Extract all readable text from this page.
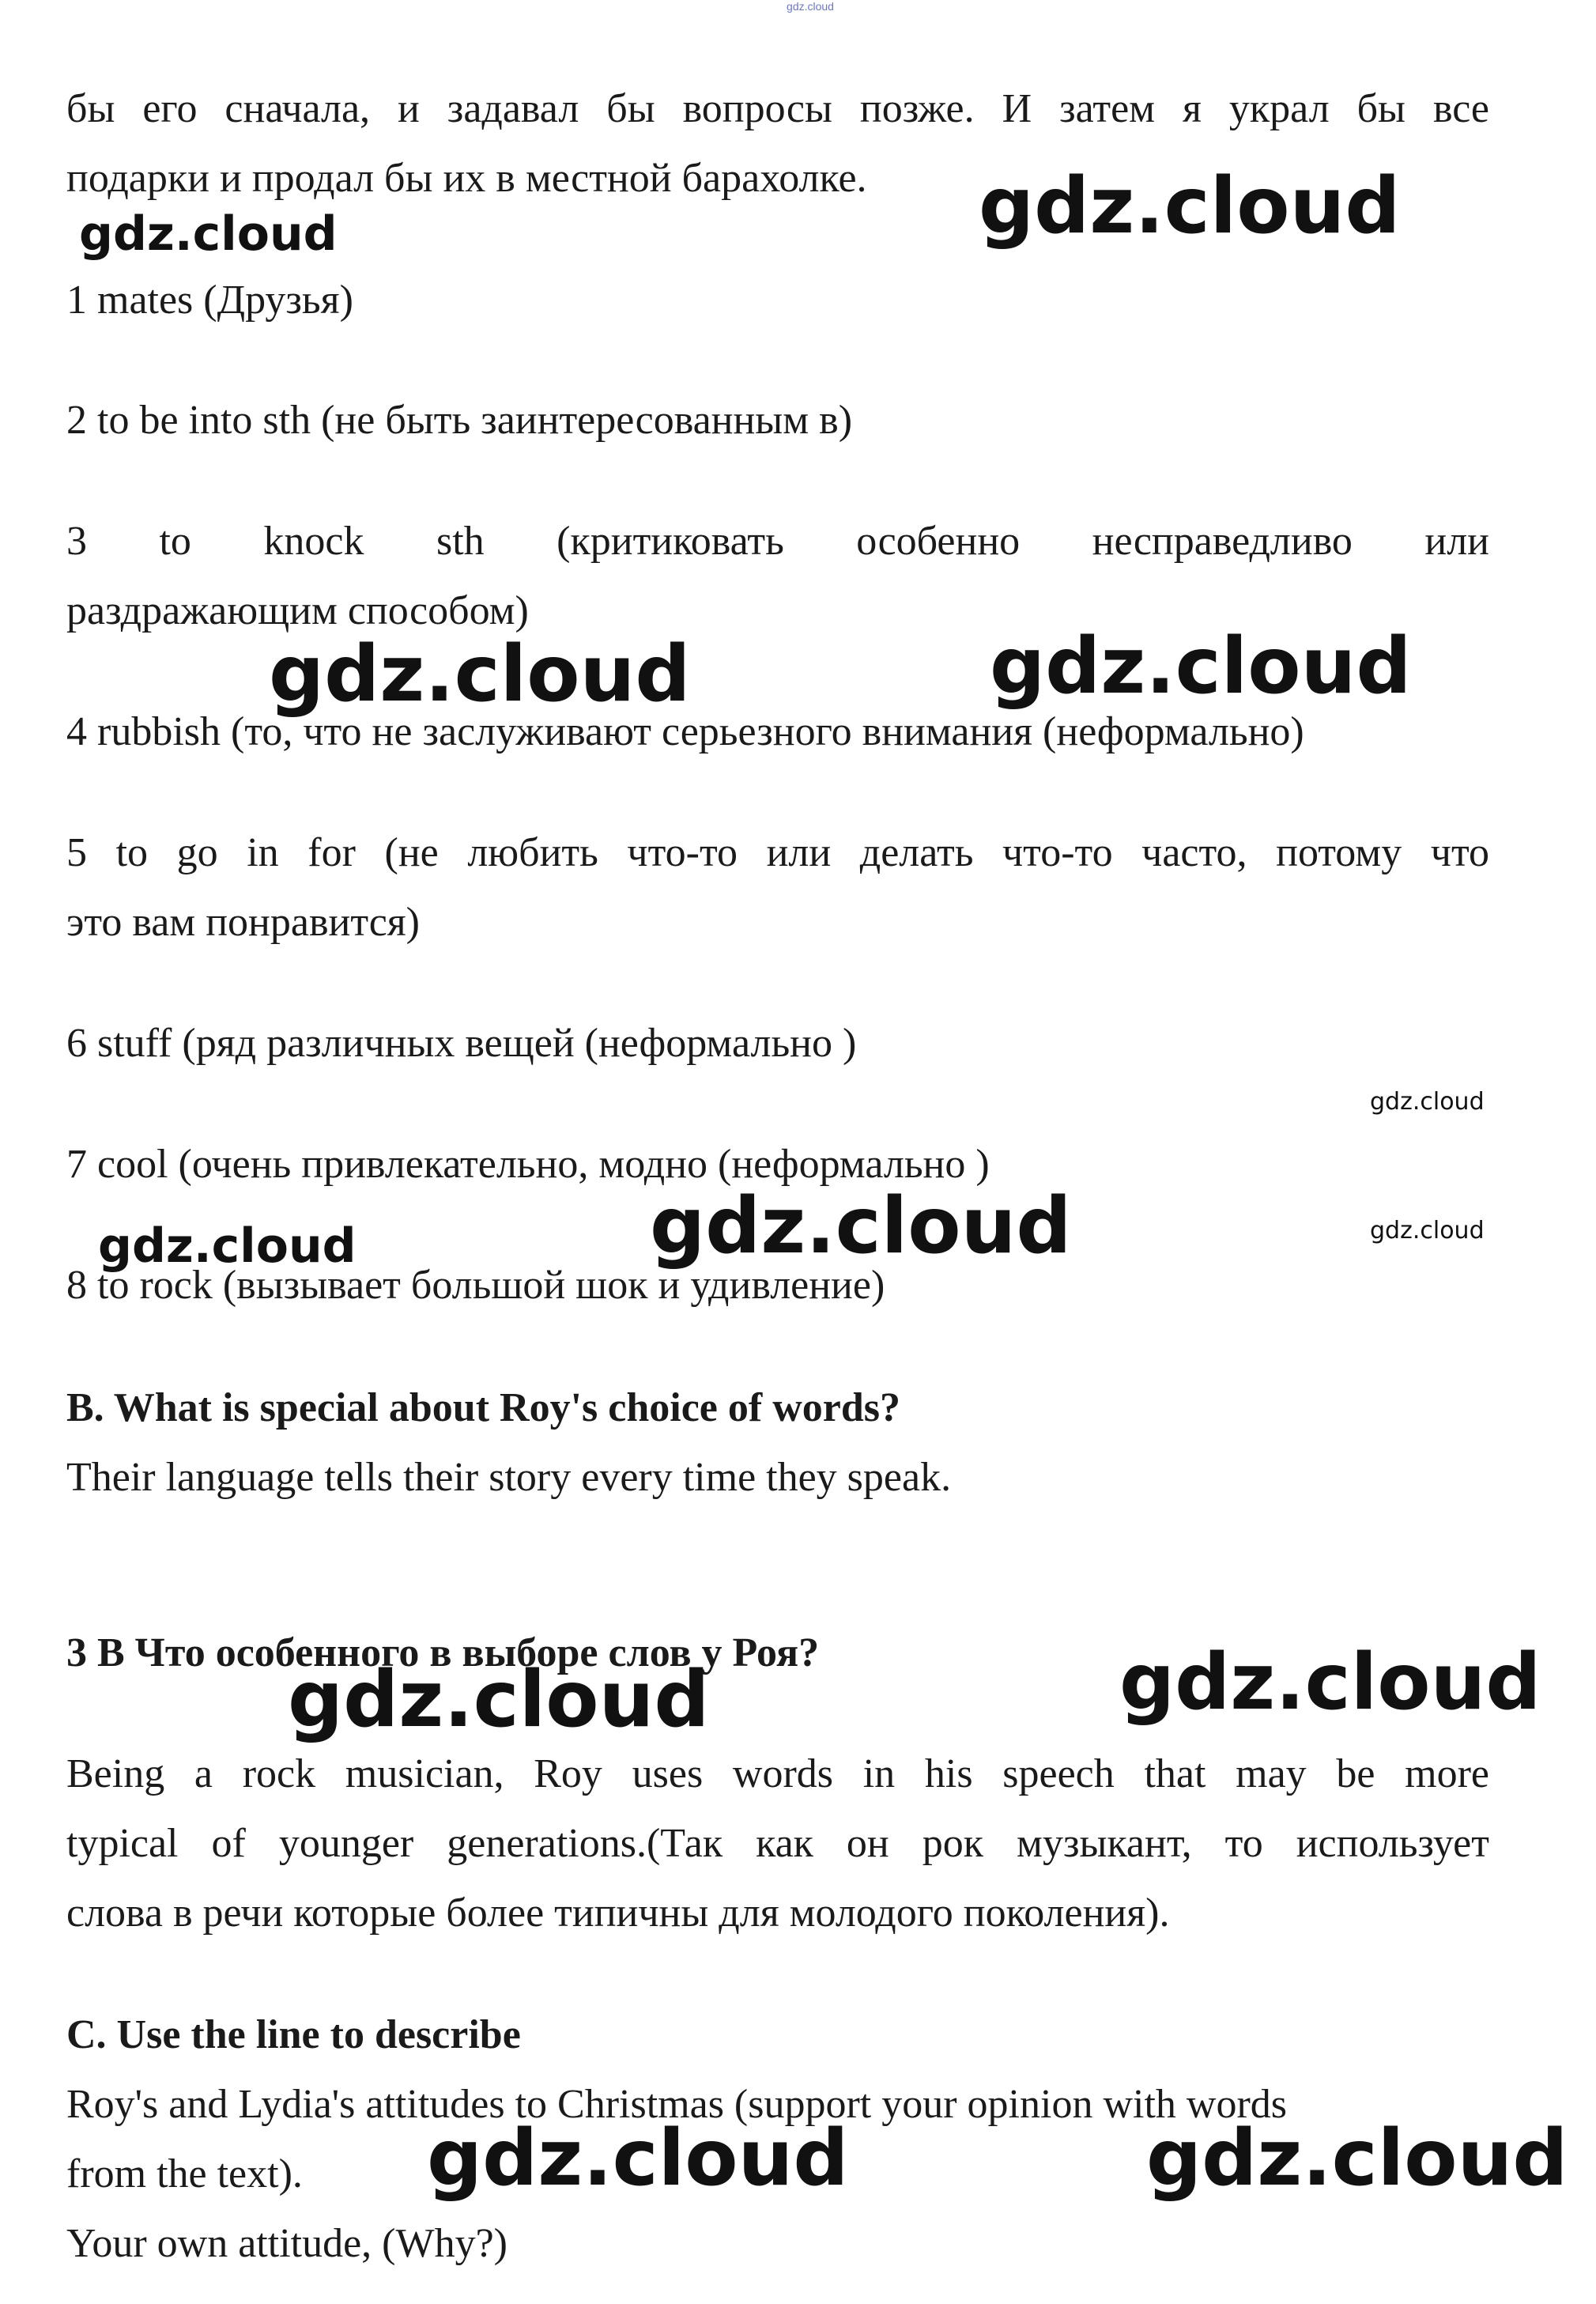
gdz.cloud

бы его сначала, и задавал бы вопросы позже. И затем я украл бы все

подарки и продал бы их в местной барахолке.

1 mates (Друзья)

2 to be into sth (не быть заинтересованным в)

3 to knock sth (критиковать особенно несправедливо или

раздражающим способом)

4 rubbish (то, что не заслуживают серьезного внимания (неформально)

5 to go in for (не любить что-то или делать что-то часто, потому что

это вам понравится)

6 stuff (ряд различных вещей (неформально )

7 cool (очень привлекательно, модно (неформально )

8 to rock (вызывает большой шок и удивление)

B. What is special about Roy's choice of words?

Their language tells their story every time they speak.

3 В Что особенного в выборе слов у Роя?

Being a rock musician, Roy uses words in his speech that may be more

typical of younger generations.(Так как он рок музыкант, то использует

слова в речи которые более типичны для молодого поколения).

C. Use the line to describe

Roy's and Lydia's attitudes to Christmas (support your opinion with words

from the text).

Your own attitude, (Why?)

gdz.cloud	gdz.cloud
gdz.cloud	gdz.cloud
gdz.cloud
gdz.cloud	gdz.cloud	gdz.cloud
gdz.cloud	gdz.cloud
gdz.cloud	gdz.cloud
